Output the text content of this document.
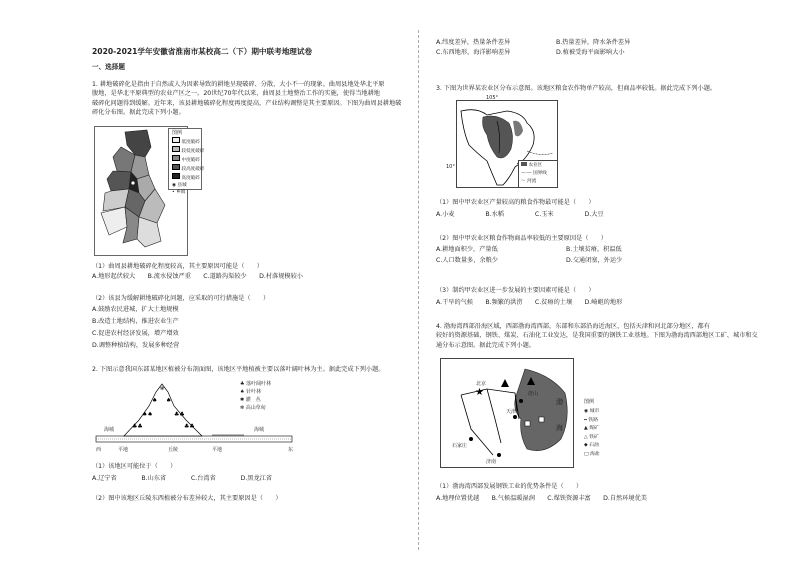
2020-2021学年安徽省淮南市某校高二（下）期中联考地理试卷
一、选择题
1. 耕地破碎化是指由于自然或人为因素导致的耕地呈现破碎、分散、大小不一的现象。曲周县地处华北平原
腹地，是华北平原典型的农业产区之一。20世纪70年代以来，曲周县土地整治工作的实施，使得当地耕地
破碎化问题得到缓解。近年来，该县耕地破碎化程度再度提高，产业结构调整是其主要原因。下图为曲周县耕地破
碎化分布图。据此完成下列小题。
图例
低度破碎
较低度破碎
中度破碎
较高度破碎
高度破碎
◉ 县城
• 乡镇
（1）曲周县耕地破碎化程度较高，其主要原因可能是（　　）
A.地形起伏较大　　B.流水侵蚀严重　　C.道路沟渠较少　　D.村落规模较小
（2）该县为缓解耕地破碎化问题，应采取的可行措施是（　　）
A.鼓励农民进城，扩大土地规模
B.改造土地结构，推进农业生产
C.促进农村经济发展，增产增效
D.调整种植结构，发展多种经营
2. 下图示意我国东部某地区植被分布剖面图，该地区平地植被主要以落叶阔叶林为主。据此完成下列小题。
♣♣
♠♠
♠
✻
♠
♣♣
♣♣
海城
平地	丘陵	平地
海城
西	东
♣ 落叶阔叶林
♠ 针叶林
✱ 灌　丛
✻ 高山草甸
（1）该地区可能位于（　　）
A.辽宁省　　　　B.山东省　　　　C.台湾省　　　　D.黑龙江省
（2）图中该地区丘陵东西植被分布差异较大，其主要原因是（　　）
A.纬度差异，热量条件差异	B.热量差异，降水条件差异
C.东西地形，海洋影响差异	D.植被受海平面影响大小
3. 下图为世界某农业区分布示意图。该地区粮食农作物单产较高，但商品率较低。据此完成下列小题。
105°
10°	农业区
—·— 国界线
～ 河流
（1）图中甲农业区产量较高的粮食作物最可能是（　　）
A.小麦　　　　　B.水稻　　　　　C.玉米　　　　　D.大豆
（2）图中甲农业区粮食作物商品率较低的主要原因是（　　）
A.耕地面积少，产量低	B.土壤贫瘠，积温低
C.人口数量多，余粮少	D.交通闭塞，外运少
（3）制约甲农业区进一步发展的主要因素可能是（　　）
A.干旱的气候　　B.频繁的洪涝　　C.贫瘠的土壤　　D.崎岖的地形
4. 渤海湾西部沿海区域，西部渤海湾西部，东部和东部沿海近海区，包括天津和河北部分地区，都有
较好的资源基础，钢铁、煤炭、石油化工业发达，是我国重要的钢铁工业基地。下图为渤海湾西部地区工矿、城市和交
通分布示意图。据此完成下列小题。
★
北京
唐山
天津
石家庄
济南
渤
海
图例
◉ 城市
━ 铁路
▲ 煤矿
△ 铁矿
◆ 石油
□ 海盐
（1）渤海湾西部发展钢铁工业的优势条件是（　　）
A.地理位置优越　　B.气候温暖湿润　　C.煤铁资源丰富　　D.自然环境优美
